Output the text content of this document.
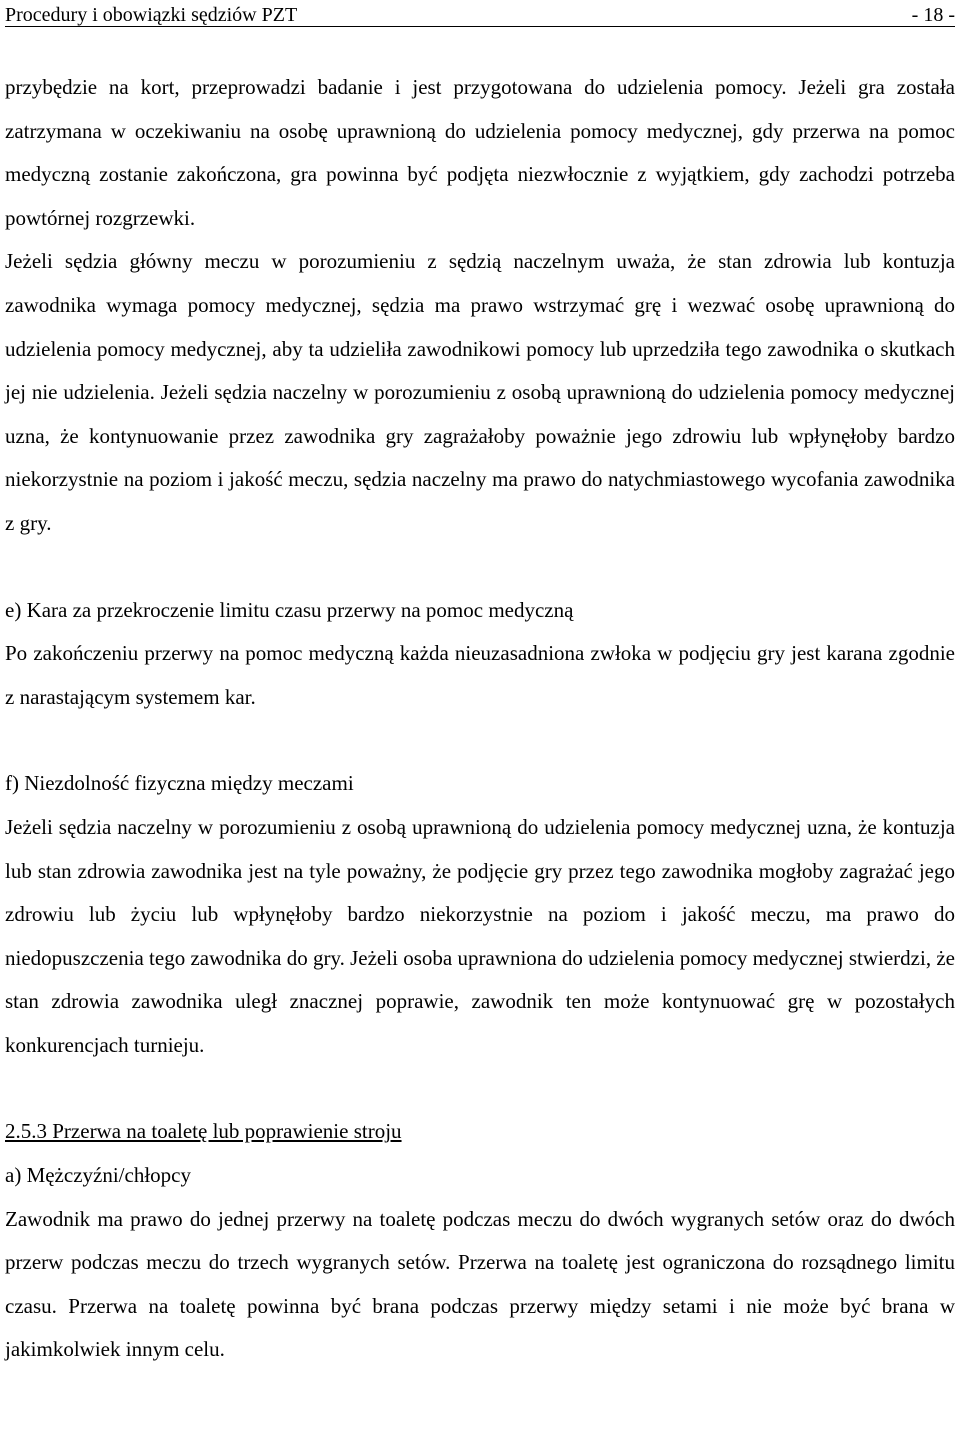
Procedury i obowiązki sędziów PZT	- 18 -

przybędzie na kort, przeprowadzi badanie i jest przygotowana do udzielenia pomocy. Jeżeli gra została zatrzymana w oczekiwaniu na osobę uprawnioną do udzielenia pomocy medycznej, gdy przerwa na pomoc medyczną zostanie zakończona, gra powinna być podjęta niezwłocznie z wyjątkiem, gdy zachodzi potrzeba powtórnej rozgrzewki.

Jeżeli sędzia główny meczu w porozumieniu z sędzią naczelnym uważa, że stan zdrowia lub kontuzja zawodnika wymaga pomocy medycznej, sędzia ma prawo wstrzymać grę i wezwać osobę uprawnioną do udzielenia pomocy medycznej, aby ta udzieliła zawodnikowi pomocy lub uprzedziła tego zawodnika o skutkach jej nie udzielenia. Jeżeli sędzia naczelny w porozumieniu z osobą uprawnioną do udzielenia pomocy medycznej uzna, że kontynuowanie przez zawodnika gry zagrażałoby poważnie jego zdrowiu lub wpłynęłoby bardzo niekorzystnie na poziom i jakość meczu, sędzia naczelny ma prawo do natychmiastowego wycofania zawodnika z gry.

e) Kara za przekroczenie limitu czasu przerwy na pomoc medyczną

Po zakończeniu przerwy na pomoc medyczną każda nieuzasadniona zwłoka w podjęciu gry jest karana zgodnie z narastającym systemem kar.

f) Niezdolność fizyczna między meczami

Jeżeli sędzia naczelny w porozumieniu z osobą uprawnioną do udzielenia pomocy medycznej uzna, że kontuzja lub stan zdrowia zawodnika jest na tyle poważny, że podjęcie gry przez tego zawodnika mogłoby zagrażać jego zdrowiu lub życiu lub wpłynęłoby bardzo niekorzystnie na poziom i jakość meczu, ma prawo do niedopuszczenia tego zawodnika do gry. Jeżeli osoba uprawniona do udzielenia pomocy medycznej stwierdzi, że stan zdrowia zawodnika uległ znacznej poprawie, zawodnik ten może kontynuować grę w pozostałych konkurencjach turnieju.

2.5.3 Przerwa na toaletę lub poprawienie stroju

a) Mężczyźni/chłopcy

Zawodnik ma prawo do jednej przerwy na toaletę podczas meczu do dwóch wygranych setów oraz do dwóch przerw podczas meczu do trzech wygranych setów. Przerwa na toaletę jest ograniczona do rozsądnego limitu czasu. Przerwa na toaletę powinna być brana podczas przerwy między setami i nie może być brana w jakimkolwiek innym celu.
